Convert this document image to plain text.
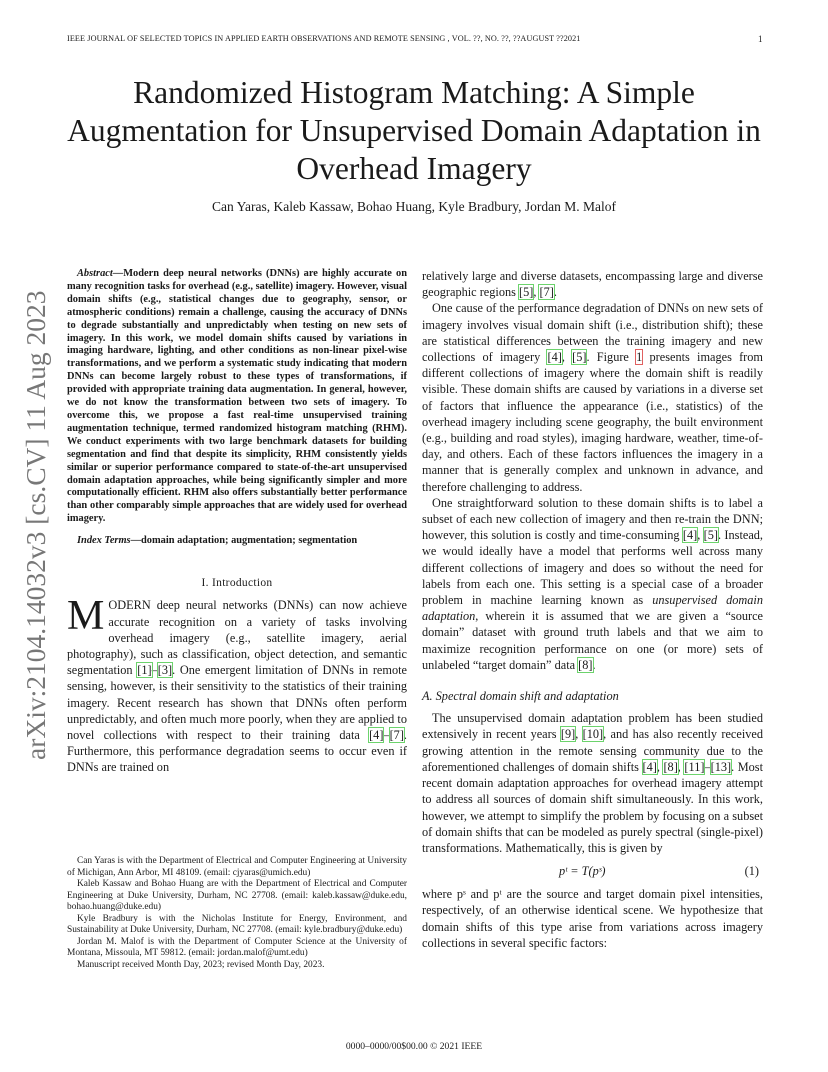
IEEE JOURNAL OF SELECTED TOPICS IN APPLIED EARTH OBSERVATIONS AND REMOTE SENSING , VOL. ??, NO. ??, ??AUGUST ??2021	1
Randomized Histogram Matching: A Simple Augmentation for Unsupervised Domain Adaptation in Overhead Imagery
Can Yaras, Kaleb Kassaw, Bohao Huang, Kyle Bradbury, Jordan M. Malof
arXiv:2104.14032v3 [cs.CV] 11 Aug 2023

Abstract—Modern deep neural networks (DNNs) are highly accurate on many recognition tasks for overhead (e.g., satellite) imagery. However, visual domain shifts (e.g., statistical changes due to geography, sensor, or atmospheric conditions) remain a challenge, causing the accuracy of DNNs to degrade substantially and unpredictably when testing on new sets of imagery. In this work, we model domain shifts caused by variations in imaging hardware, lighting, and other conditions as non-linear pixel-wise transformations, and we perform a systematic study indicating that modern DNNs can become largely robust to these types of transformations, if provided with appropriate training data augmentation. In general, however, we do not know the transformation between two sets of imagery. To overcome this, we propose a fast real-time unsupervised training augmentation technique, termed randomized histogram matching (RHM). We conduct experiments with two large benchmark datasets for building segmentation and find that despite its simplicity, RHM consistently yields similar or superior performance compared to state-of-the-art unsupervised domain adaptation approaches, while being significantly simpler and more computationally efficient. RHM also offers substantially better performance than other comparably simple approaches that are widely used for overhead imagery.

Index Terms—domain adaptation; augmentation; segmentation

I. Introduction

MODERN deep neural networks (DNNs) can now achieve accurate recognition on a variety of tasks involving overhead imagery (e.g., satellite imagery, aerial photography), such as classification, object detection, and semantic segmentation [1]–[3]. One emergent limitation of DNNs in remote sensing, however, is their sensitivity to the statistics of their training imagery. Recent research has shown that DNNs often perform unpredictably, and often much more poorly, when they are applied to novel collections with respect to their training data [4]–[7]. Furthermore, this performance degradation seems to occur even if DNNs are trained on

Can Yaras is with the Department of Electrical and Computer Engineering at University of Michigan, Ann Arbor, MI 48109. (email: cjyaras@umich.edu)

Kaleb Kassaw and Bohao Huang are with the Department of Electrical and Computer Engineering at Duke University, Durham, NC 27708. (email: kaleb.kassaw@duke.edu, bohao.huang@duke.edu)

Kyle Bradbury is with the Nicholas Institute for Energy, Environment, and Sustainability at Duke University, Durham, NC 27708. (email: kyle.bradbury@duke.edu)

Jordan M. Malof is with the Department of Computer Science at the University of Montana, Missoula, MT 59812. (email: jordan.malof@umt.edu)

Manuscript received Month Day, 2023; revised Month Day, 2023.

relatively large and diverse datasets, encompassing large and diverse geographic regions [5], [7].

One cause of the performance degradation of DNNs on new sets of imagery involves visual domain shift (i.e., distribution shift); these are statistical differences between the training imagery and new collections of imagery [4], [5]. Figure 1 presents images from different collections of imagery where the domain shift is readily visible. These domain shifts are caused by variations in a diverse set of factors that influence the appearance (i.e., statistics) of the overhead imagery including scene geography, the built environment (e.g., building and road styles), imaging hardware, weather, time-of-day, and others. Each of these factors influences the imagery in a manner that is generally complex and unknown in advance, and therefore challenging to address.

One straightforward solution to these domain shifts is to label a subset of each new collection of imagery and then re-train the DNN; however, this solution is costly and time-consuming [4], [5]. Instead, we would ideally have a model that performs well across many different collections of imagery and does so without the need for labels from each one. This setting is a special case of a broader problem in machine learning known as unsupervised domain adaptation, wherein it is assumed that we are given a “source domain” dataset with ground truth labels and that we aim to maximize recognition performance on one (or more) sets of unlabeled “target domain” data [8].

A. Spectral domain shift and adaptation

The unsupervised domain adaptation problem has been studied extensively in recent years [9], [10], and has also recently received growing attention in the remote sensing community due to the aforementioned challenges of domain shifts [4], [8], [11]–[13]. Most recent domain adaptation approaches for overhead imagery attempt to address all sources of domain shift simultaneously. In this work, however, we attempt to simplify the problem by focusing on a subset of domain shifts that can be modeled as purely spectral (single-pixel) transformations. Mathematically, this is given by

pᵗ = T(pˢ)	(1)

where pˢ and pᵗ are the source and target domain pixel intensities, respectively, of an otherwise identical scene. We hypothesize that domain shifts of this type arise from variations across imagery collections in several specific factors:

0000–0000/00$00.00 © 2021 IEEE
